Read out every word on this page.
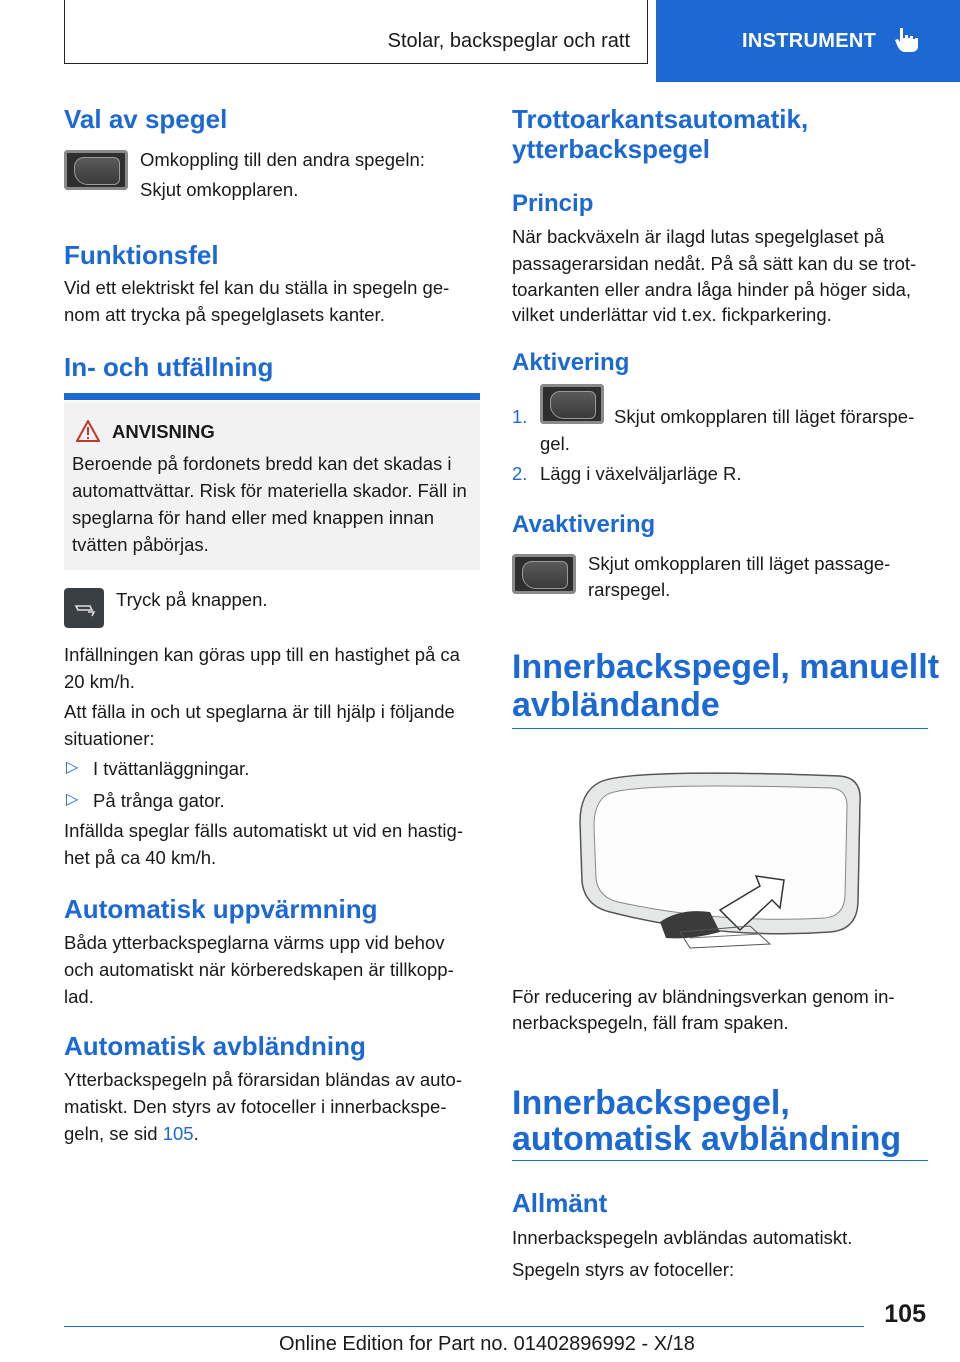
Stolar, backspeglar och ratt	INSTRUMENT
Val av spegel

Omkoppling till den andra spegeln:

Skjut omkopplaren.

Funktionsfel

Vid ett elektriskt fel kan du ställa in spegeln ge-

nom att trycka på spegelglasets kanter.

In- och utfällning
ANVISNING

Beroende på fordonets bredd kan det skadas i

automattvättar. Risk för materiella skador. Fäll in

speglarna för hand eller med knappen innan

tvätten påbörjas.

Tryck på knappen.

Infällningen kan göras upp till en hastighet på ca

20 km/h.

Att fälla in och ut speglarna är till hjälp i följande

situationer:

▷ I tvättanläggningar.

▷ På trånga gator.

Infällda speglar fälls automatiskt ut vid en hastig-

het på ca 40 km/h.

Automatisk uppvärmning

Båda ytterbackspeglarna värms upp vid behov

och automatiskt när körberedskapen är tillkopp-

lad.

Automatisk avbländning

Ytterbackspegeln på förarsidan bländas av auto-

matiskt. Den styrs av fotoceller i innerbackspe-

geln, se sid 105.

Trottoarkantsautomatik,
ytterbackspegel
Princip

När backväxeln är ilagd lutas spegelglaset på

passagerarsidan nedåt. På så sätt kan du se trot-

toarkanten eller andra låga hinder på höger sida,

vilket underlättar vid t.ex. fickparkering.

Aktivering
1.	Skjut omkopplaren till läget förarspe-

gel.

2. Lägg i växelväljarläge R.

Avaktivering

Skjut omkopplaren till läget passage-

rarspegel.

Innerbackspegel, manuellt
avbländande

För reducering av bländningsverkan genom in-

nerbackspegeln, fäll fram spaken.

Innerbackspegel,
automatisk avbländning
Allmänt

Innerbackspegeln avbländas automatiskt.

Spegeln styrs av fotoceller:

105
Online Edition for Part no. 01402896992 - X/18
